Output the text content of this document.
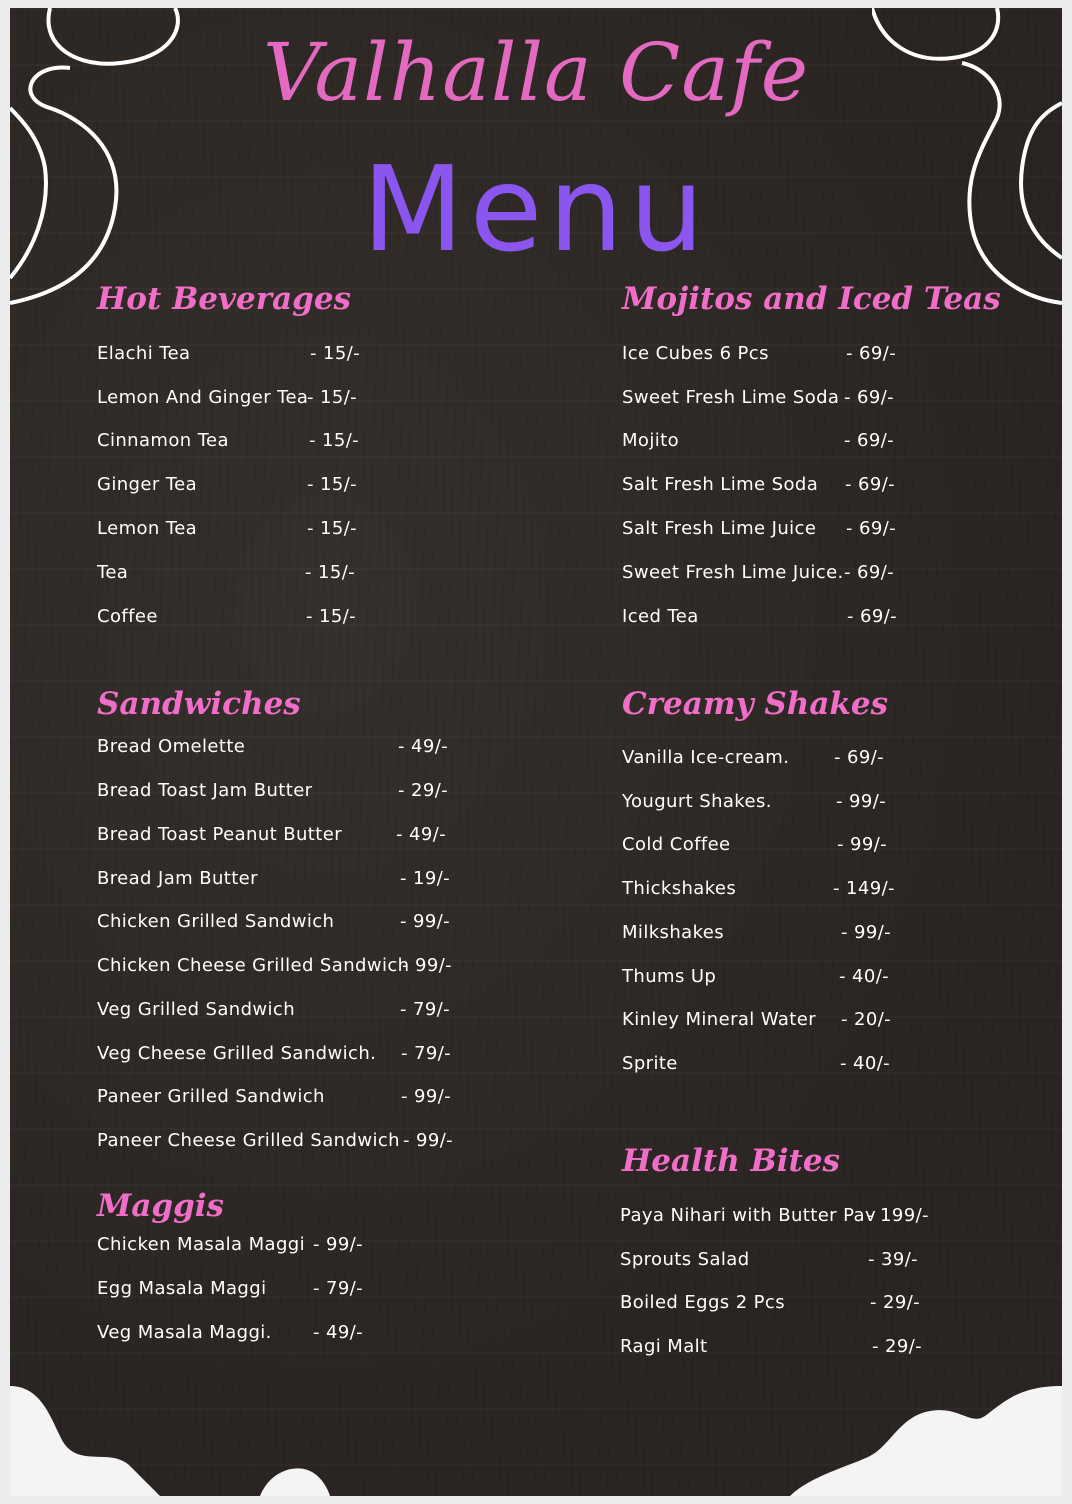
Valhalla Cafe
Menu
Hot Beverages
Elachi Tea	- 15/-
Lemon And Ginger Tea
- 15/-
Cinnamon Tea	- 15/-
Ginger Tea	- 15/-
Lemon Tea	- 15/-
Tea	- 15/-
Coffee	- 15/-
Mojitos and Iced Teas
Ice Cubes 6 Pcs	- 69/-
Sweet Fresh Lime Soda - 69/-
Mojito	- 69/-
Salt Fresh Lime Soda - 69/-
Salt Fresh Lime Juice - 69/-
Sweet Fresh Lime Juice. - 69/-
Iced Tea	- 69/-
Sandwiches
Bread Omelette	- 49/-
Bread Toast Jam Butter	- 29/-
Bread Toast Peanut Butter	- 49/-
Bread Jam Butter	- 19/-
Chicken Grilled Sandwich	- 99/-
Chicken Cheese Grilled Sandwich
- 99/-
Veg Grilled Sandwich	- 79/-
Veg Cheese Grilled Sandwich. - 79/-
Paneer Grilled Sandwich	- 99/-
Paneer Cheese Grilled Sandwich - 99/-
Creamy Shakes
Vanilla Ice-cream. - 69/-
Yougurt Shakes.	- 99/-
Cold Coffee	- 99/-
Thickshakes	- 149/-
Milkshakes	- 99/-
Thums Up	- 40/-
Kinley Mineral Water - 20/-
Sprite	- 40/-
Maggis
Chicken Masala Maggi - 99/-
Egg Masala Maggi	- 79/-
Veg Masala Maggi. - 49/-
Health Bites
Paya Nihari with Butter Pav
- 199/-
Sprouts Salad	- 39/-
Boiled Eggs 2 Pcs	- 29/-
Ragi Malt	- 29/-
